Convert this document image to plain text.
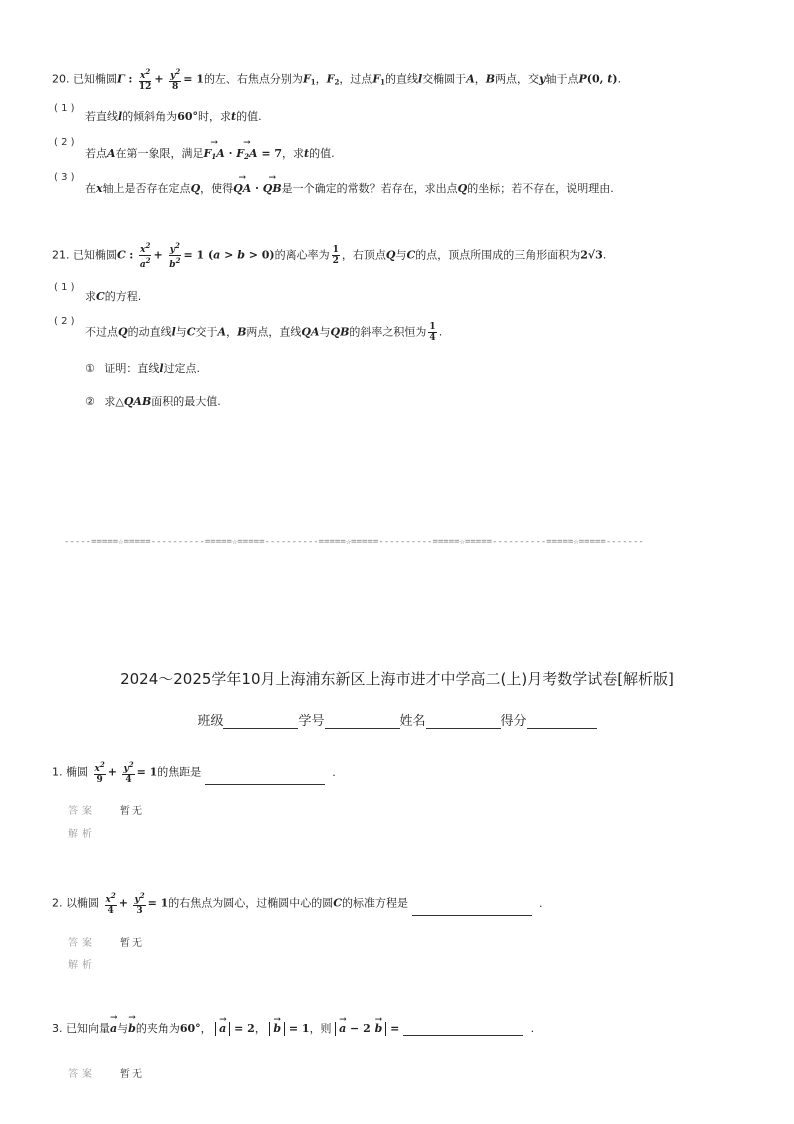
20. 已知椭圆Γ : $\frac{x^2}{12} + \frac{y^2}{8} = 1$的左、右焦点分别为$F_1$，$F_2$，过点$F_1$的直线l交椭圆于A，B两点，交y轴于点P(0, t).
( 1 )
若直线l的倾斜角为60°时，求t的值.
( 2 )
若点A在第一象限，满足→ $F_1A$ · → $F_2A = 7$，求t的值.
( 3 )
在x轴上是否存在定点Q，使得→ QA · → QB是一个确定的常数？若存在，求出点Q的坐标；若不存在，说明理由.
21. 已知椭圆C : $\frac{x^2}{a^2} + \frac{y^2}{b^2} = 1$ (a > b > 0)的离心率为 $\frac{1}{2}$ ，右顶点Q与C的点，顶点所围成的三角形面积为2√3.
( 1 )
求C的方程.
( 2 )
不过点Q的动直线l与C交于A，B两点，直线QA与QB的斜率之积恒为 $\frac{1}{4}$ .
① 证明：直线l过定点.
② 求△QAB面积的最大值.
-----=====☆=====----------=====☆=====----------=====☆=====----------=====☆=====----------=====☆=====-------
2024～2025学年10月上海浦东新区上海市进才中学高二(上)月考数学试卷[解析版]
班级	学号	姓名	得分
1. 椭圆 $\frac{x^2}{9} + \frac{y^2}{4} = 1$的焦距是	.
答案 暂无
解析
2. 以椭圆 $\frac{x^2}{4} + \frac{y^2}{3} = 1$的右焦点为圆心，过椭圆中心的圆C的标准方程是	.
答案 暂无
解析
3. 已知向量→ a与→ b的夹角为60°， → a = 2， → b = 1，则 → a − 2 → b =	.
答案 暂无
